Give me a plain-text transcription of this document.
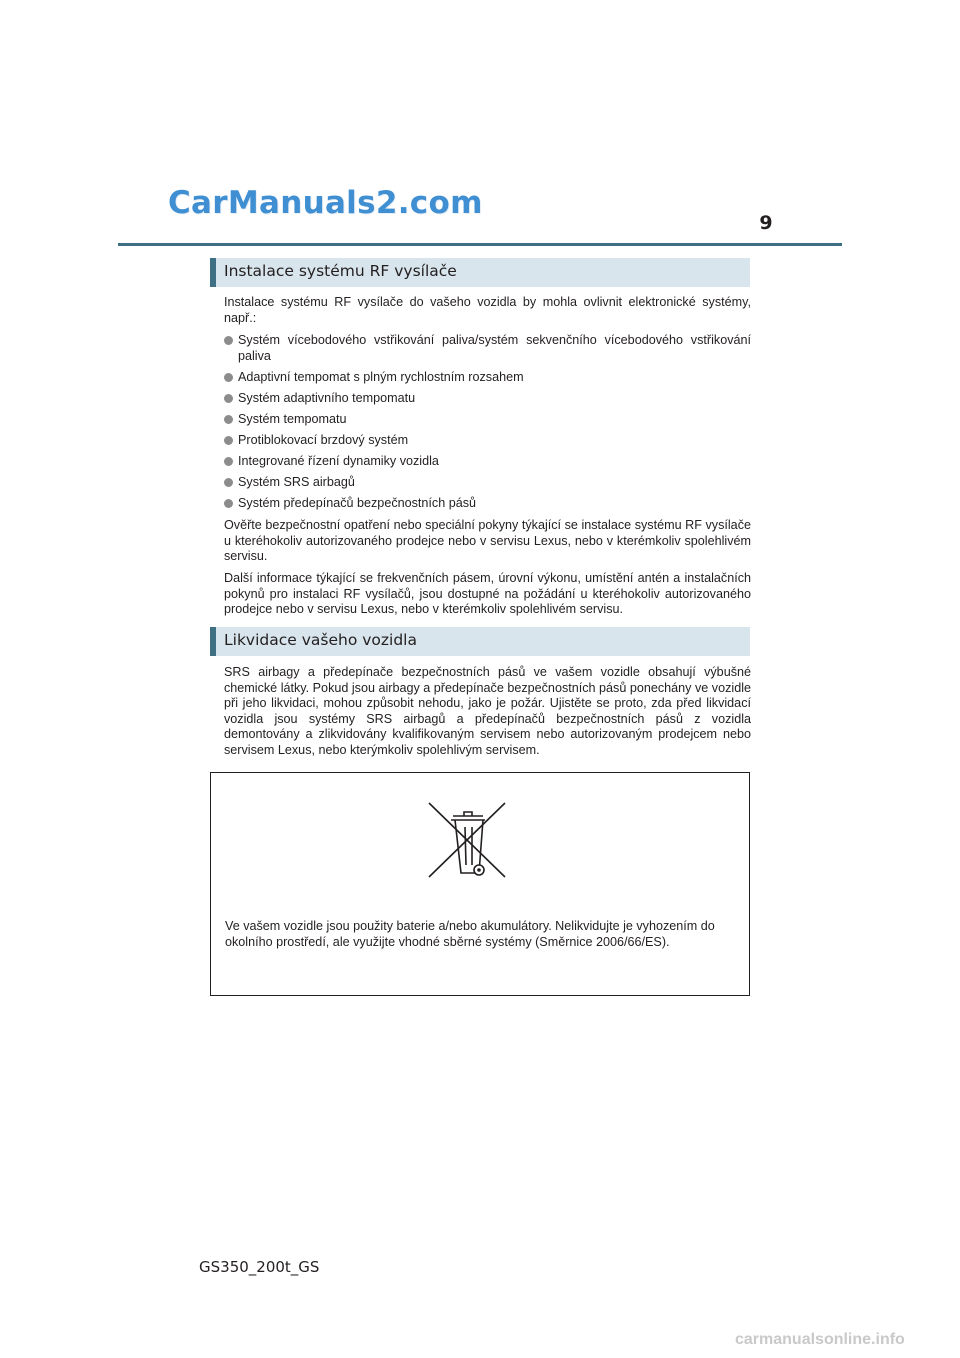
CarManuals2.com
9
Instalace systému RF vysílače

Instalace systému RF vysílače do vašeho vozidla by mohla ovlivnit elektronické systémy, např.:

Systém vícebodového vstřikování paliva/systém sekvenčního vícebodového vstřikování paliva
Adaptivní tempomat s plným rychlostním rozsahem
Systém adaptivního tempomatu
Systém tempomatu
Protiblokovací brzdový systém
Integrované řízení dynamiky vozidla
Systém SRS airbagů
Systém předepínačů bezpečnostních pásů

Ověřte bezpečnostní opatření nebo speciální pokyny týkající se instalace systému RF vysílače u kteréhokoliv autorizovaného prodejce nebo v servisu Lexus, nebo v kterémkoliv spolehlivém servisu.

Další informace týkající se frekvenčních pásem, úrovní výkonu, umístění antén a instalačních pokynů pro instalaci RF vysílačů, jsou dostupné na požádání u kteréhokoliv autorizovaného prodejce nebo v servisu Lexus, nebo v kterémkoliv spolehlivém servisu.

Likvidace vašeho vozidla

SRS airbagy a předepínače bezpečnostních pásů ve vašem vozidle obsahují výbušné chemické látky. Pokud jsou airbagy a předepínače bezpečnostních pásů ponechány ve vozidle při jeho likvidaci, mohou způsobit nehodu, jako je požár. Ujistěte se proto, zda před likvidací vozidla jsou systémy SRS airbagů a předepínačů bezpečnostních pásů z vozidla demontovány a zlikvidovány kvalifikovaným servisem nebo autorizovaným prodejcem nebo servisem Lexus, nebo kterýmkoliv spolehlivým servisem.

Ve vašem vozidle jsou použity baterie a/nebo akumulátory. Nelikvidujte je vyhozením do okolního prostředí, ale využijte vhodné sběrné systémy (Směrnice 2006/66/ES).

GS350_200t_GS
carmanualsonline.info
